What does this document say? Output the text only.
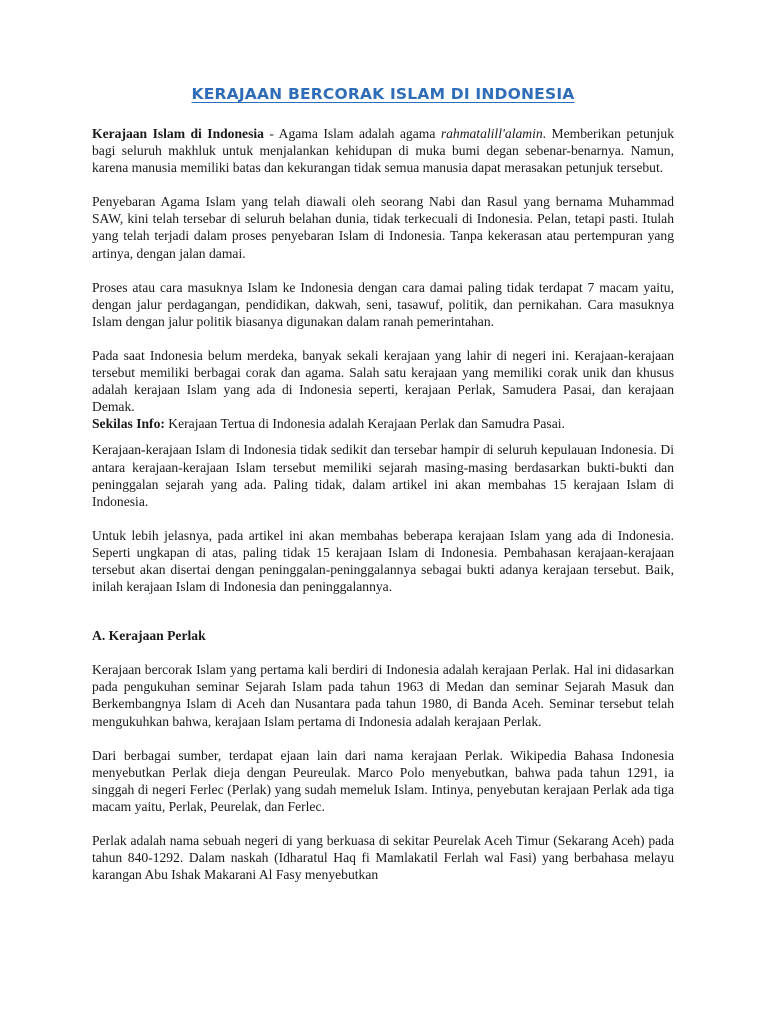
KERAJAAN BERCORAK ISLAM DI INDONESIA

Kerajaan Islam di Indonesia - Agama Islam adalah agama rahmatalill'alamin. Memberikan petunjuk bagi seluruh makhluk untuk menjalankan kehidupan di muka bumi degan sebenar-benarnya. Namun, karena manusia memiliki batas dan kekurangan tidak semua manusia dapat merasakan petunjuk tersebut.

Penyebaran Agama Islam yang telah diawali oleh seorang Nabi dan Rasul yang bernama Muhammad SAW, kini telah tersebar di seluruh belahan dunia, tidak terkecuali di Indonesia. Pelan, tetapi pasti. Itulah yang telah terjadi dalam proses penyebaran Islam di Indonesia. Tanpa kekerasan atau pertempuran yang artinya, dengan jalan damai.

Proses atau cara masuknya Islam ke Indonesia dengan cara damai paling tidak terdapat 7 macam yaitu, dengan jalur perdagangan, pendidikan, dakwah, seni, tasawuf, politik, dan pernikahan. Cara masuknya Islam dengan jalur politik biasanya digunakan dalam ranah pemerintahan.

Pada saat Indonesia belum merdeka, banyak sekali kerajaan yang lahir di negeri ini. Kerajaan-kerajaan tersebut memiliki berbagai corak dan agama. Salah satu kerajaan yang memiliki corak unik dan khusus adalah kerajaan Islam yang ada di Indonesia seperti, kerajaan Perlak, Samudera Pasai, dan kerajaan Demak.

Sekilas Info: Kerajaan Tertua di Indonesia adalah Kerajaan Perlak dan Samudra Pasai.

Kerajaan-kerajaan Islam di Indonesia tidak sedikit dan tersebar hampir di seluruh kepulauan Indonesia. Di antara kerajaan-kerajaan Islam tersebut memiliki sejarah masing-masing berdasarkan bukti-bukti dan peninggalan sejarah yang ada. Paling tidak, dalam artikel ini akan membahas 15 kerajaan Islam di Indonesia.

Untuk lebih jelasnya, pada artikel ini akan membahas beberapa kerajaan Islam yang ada di Indonesia. Seperti ungkapan di atas, paling tidak 15 kerajaan Islam di Indonesia. Pembahasan kerajaan-kerajaan tersebut akan disertai dengan peninggalan-peninggalannya sebagai bukti adanya kerajaan tersebut. Baik, inilah kerajaan Islam di Indonesia dan peninggalannya.

A. Kerajaan Perlak

Kerajaan bercorak Islam yang pertama kali berdiri di Indonesia adalah kerajaan Perlak. Hal ini didasarkan pada pengukuhan seminar Sejarah Islam pada tahun 1963 di Medan dan seminar Sejarah Masuk dan Berkembangnya Islam di Aceh dan Nusantara pada tahun 1980, di Banda Aceh. Seminar tersebut telah mengukuhkan bahwa, kerajaan Islam pertama di Indonesia adalah kerajaan Perlak.

Dari berbagai sumber, terdapat ejaan lain dari nama kerajaan Perlak. Wikipedia Bahasa Indonesia menyebutkan Perlak dieja dengan Peureulak. Marco Polo menyebutkan, bahwa pada tahun 1291, ia singgah di negeri Ferlec (Perlak) yang sudah memeluk Islam. Intinya, penyebutan kerajaan Perlak ada tiga macam yaitu, Perlak, Peurelak, dan Ferlec.

Perlak adalah nama sebuah negeri di yang berkuasa di sekitar Peurelak Aceh Timur (Sekarang Aceh) pada tahun 840-1292. Dalam naskah (Idharatul Haq fi Mamlakatil Ferlah wal Fasi) yang berbahasa melayu karangan Abu Ishak Makarani Al Fasy menyebutkan
